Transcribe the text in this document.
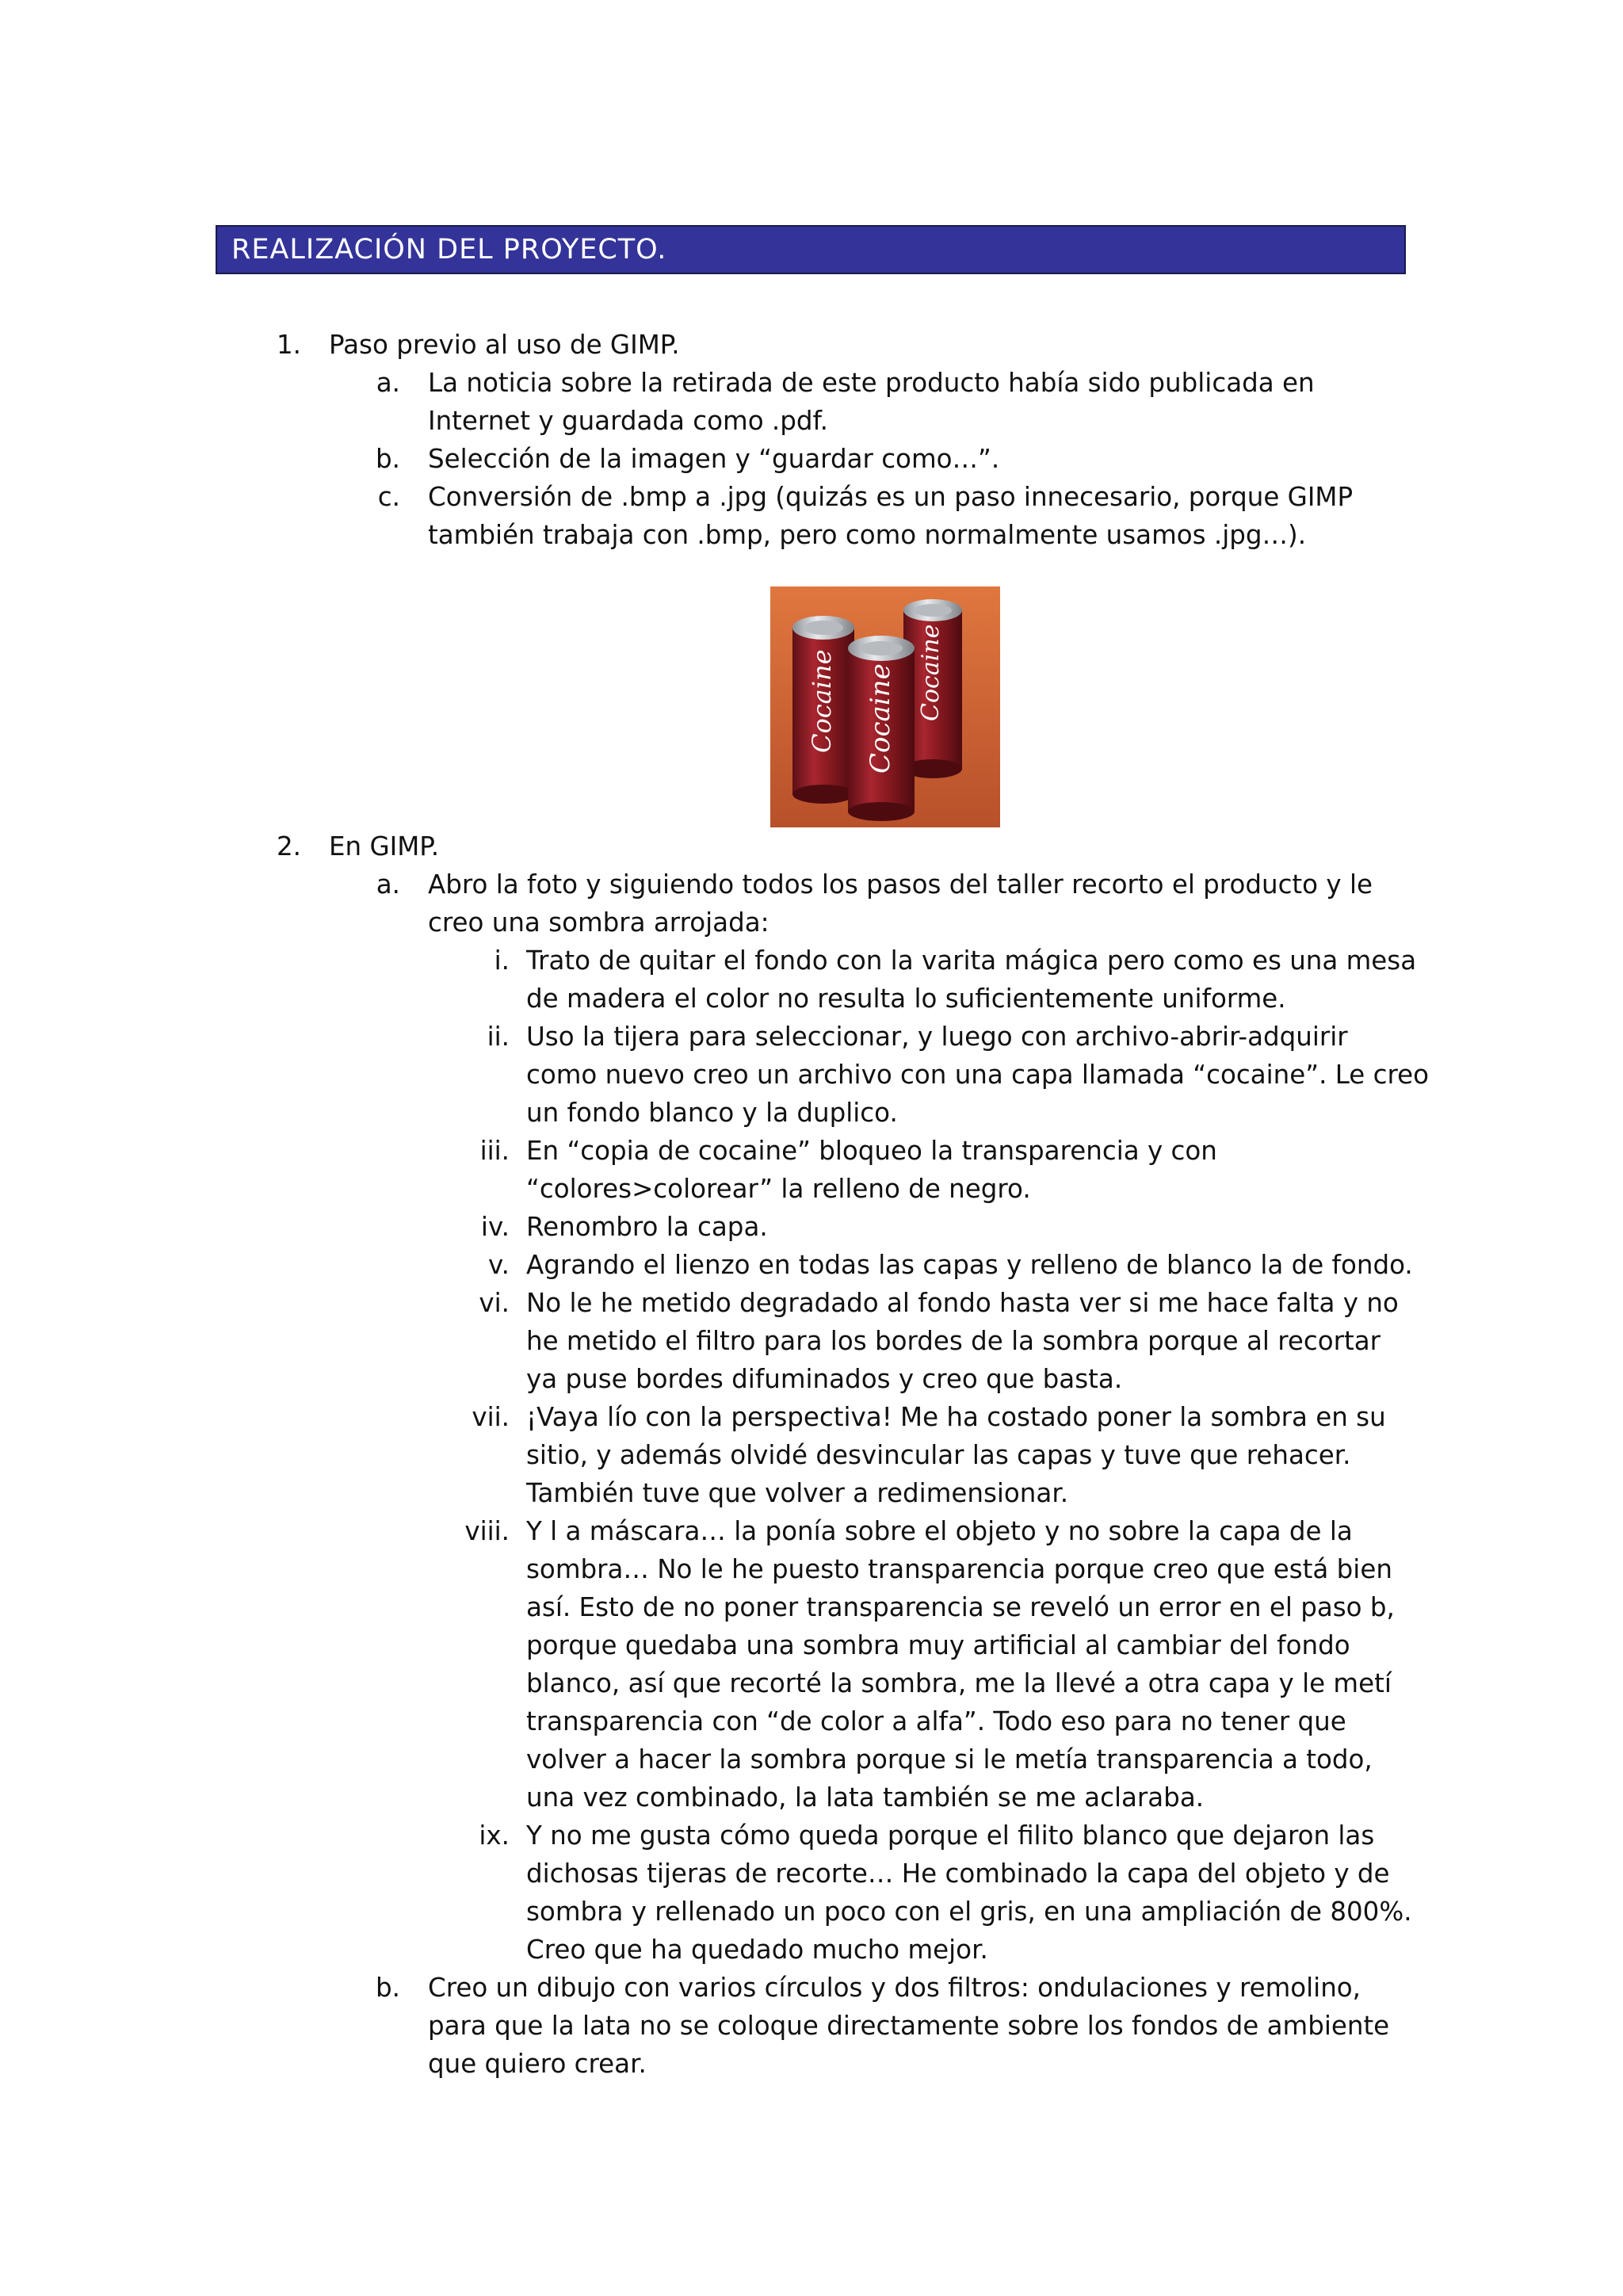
REALIZACIÓN DEL PROYECTO.
1. Paso previo al uso de GIMP.
a. La noticia sobre la retirada de este producto había sido publicada en
Internet y guardada como .pdf.
b. Selección de la imagen y “guardar como…”.
c. Conversión de .bmp a .jpg (quizás es un paso innecesario, porque GIMP
también trabaja con .bmp, pero como normalmente usamos .jpg…).
Cocaine
Cocaine Cocaine
2. En GIMP.
a. Abro la foto y siguiendo todos los pasos del taller recorto el producto y le
creo una sombra arrojada:
i. Trato de quitar el fondo con la varita mágica pero como es una mesa
de madera el color no resulta lo suficientemente uniforme.
ii. Uso la tijera para seleccionar, y luego con archivo-abrir-adquirir
como nuevo creo un archivo con una capa llamada “cocaine”. Le creo
un fondo blanco y la duplico.
iii. En “copia de cocaine” bloqueo la transparencia y con
“colores>colorear” la relleno de negro.
iv. Renombro la capa.
v. Agrando el lienzo en todas las capas y relleno de blanco la de fondo.
vi. No le he metido degradado al fondo hasta ver si me hace falta y no
he metido el filtro para los bordes de la sombra porque al recortar
ya puse bordes difuminados y creo que basta.
vii. ¡Vaya lío con la perspectiva! Me ha costado poner la sombra en su
sitio, y además olvidé desvincular las capas y tuve que rehacer.
También tuve que volver a redimensionar.
viii. Y l a máscara… la ponía sobre el objeto y no sobre la capa de la
sombra… No le he puesto transparencia porque creo que está bien
así. Esto de no poner transparencia se reveló un error en el paso b,
porque quedaba una sombra muy artificial al cambiar del fondo
blanco, así que recorté la sombra, me la llevé a otra capa y le metí
transparencia con “de color a alfa”. Todo eso para no tener que
volver a hacer la sombra porque si le metía transparencia a todo,
una vez combinado, la lata también se me aclaraba.
ix. Y no me gusta cómo queda porque el filito blanco que dejaron las
dichosas tijeras de recorte… He combinado la capa del objeto y de
sombra y rellenado un poco con el gris, en una ampliación de 800%.
Creo que ha quedado mucho mejor.
b. Creo un dibujo con varios círculos y dos filtros: ondulaciones y remolino,
para que la lata no se coloque directamente sobre los fondos de ambiente
que quiero crear.
